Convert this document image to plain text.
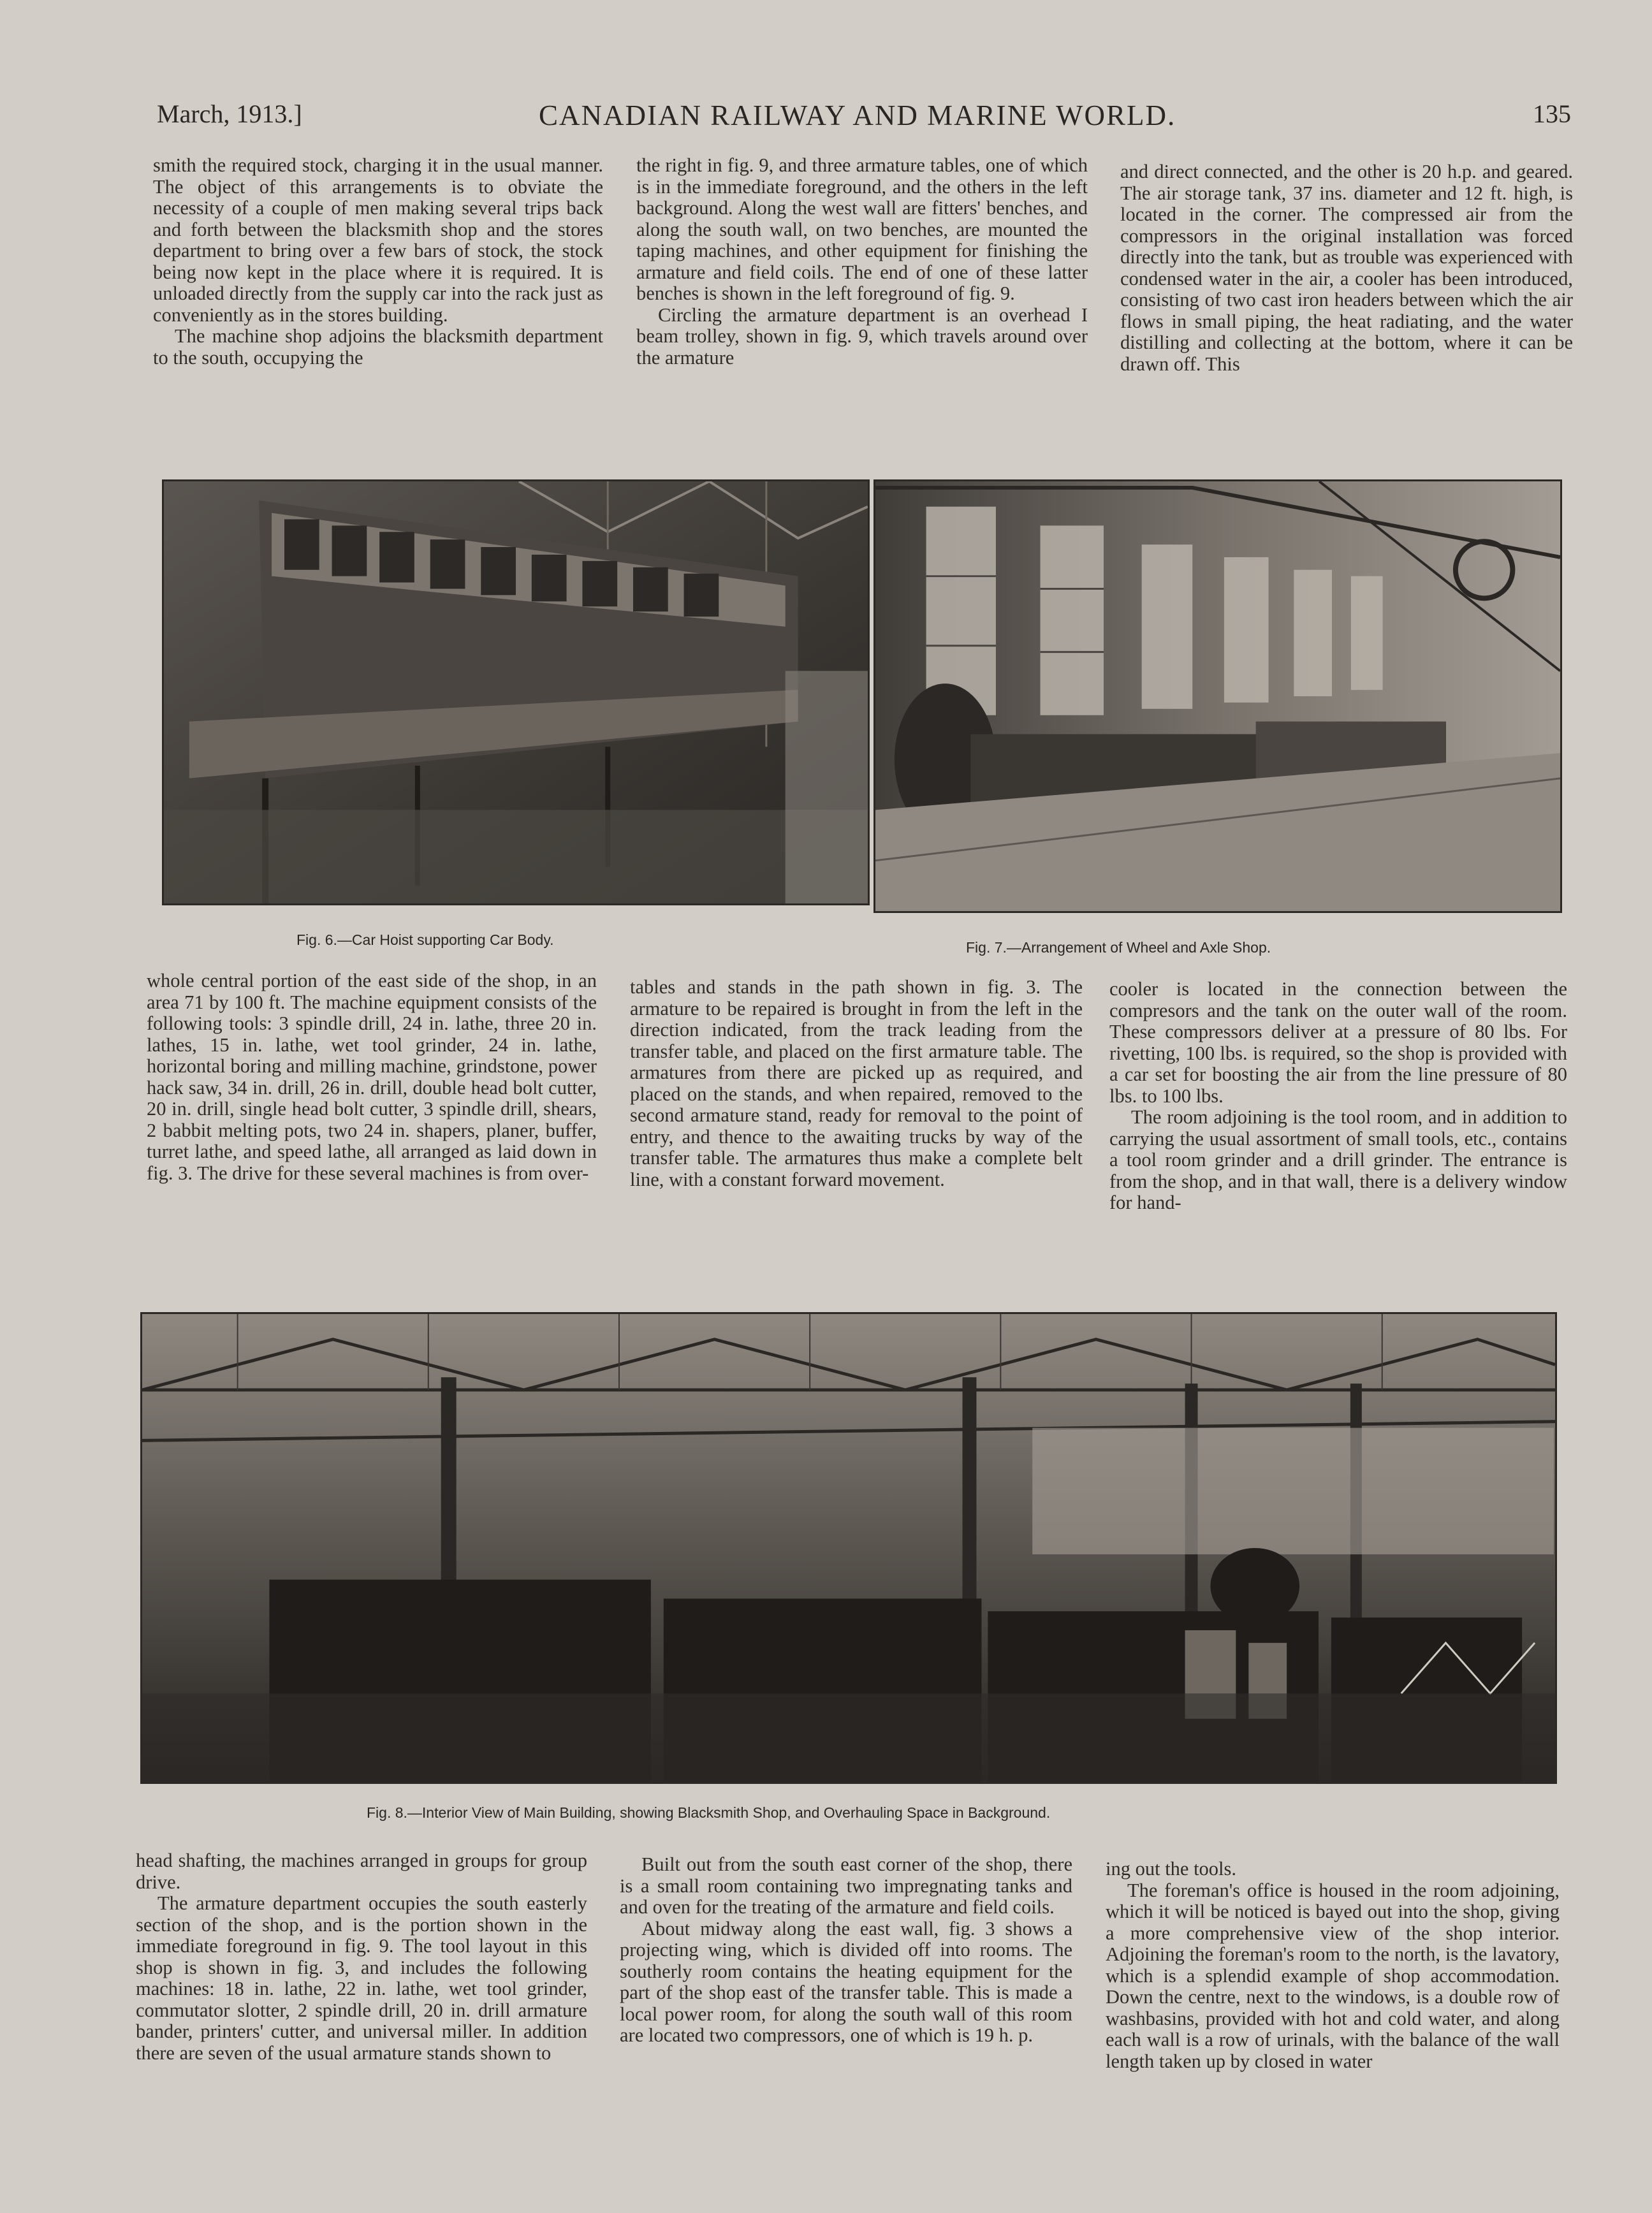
March, 1913.]	CANADIAN RAILWAY AND MARINE WORLD.	135

smith the required stock, charging it in the usual manner. The object of this arrangements is to obviate the necessity of a couple of men making several trips back and forth between the blacksmith shop and the stores department to bring over a few bars of stock, the stock being now kept in the place where it is required. It is unloaded directly from the supply car into the rack just as conveniently as in the stores building.

The machine shop adjoins the blacksmith department to the south, occupying the

the right in fig. 9, and three armature tables, one of which is in the immediate foreground, and the others in the left background. Along the west wall are fitters' benches, and along the south wall, on two benches, are mounted the taping machines, and other equipment for finishing the armature and field coils. The end of one of these latter benches is shown in the left foreground of fig. 9.

Circling the armature department is an overhead I beam trolley, shown in fig. 9, which travels around over the armature

and direct connected, and the other is 20 h.p. and geared. The air storage tank, 37 ins. diameter and 12 ft. high, is located in the corner. The compressed air from the compressors in the original installation was forced directly into the tank, but as trouble was experienced with condensed water in the air, a cooler has been introduced, consisting of two cast iron headers between which the air flows in small piping, the heat radiating, and the water distilling and collecting at the bottom, where it can be drawn off. This

Fig. 6.—Car Hoist supporting Car Body.	Fig. 7.—Arrangement of Wheel and Axle Shop.

whole central portion of the east side of the shop, in an area 71 by 100 ft. The machine equipment consists of the following tools: 3 spindle drill, 24 in. lathe, three 20 in. lathes, 15 in. lathe, wet tool grinder, 24 in. lathe, horizontal boring and milling machine, grindstone, power hack saw, 34 in. drill, 26 in. drill, double head bolt cutter, 20 in. drill, single head bolt cutter, 3 spindle drill, shears, 2 babbit melting pots, two 24 in. shapers, planer, buffer, turret lathe, and speed lathe, all arranged as laid down in fig. 3. The drive for these several machines is from over-

tables and stands in the path shown in fig. 3. The armature to be repaired is brought in from the left in the direction indicated, from the track leading from the transfer table, and placed on the first armature table. The armatures from there are picked up as required, and placed on the stands, and when repaired, removed to the second armature stand, ready for removal to the point of entry, and thence to the awaiting trucks by way of the transfer table. The armatures thus make a complete belt line, with a constant forward movement.

cooler is located in the connection between the compresors and the tank on the outer wall of the room. These compressors deliver at a pressure of 80 lbs. For rivetting, 100 lbs. is required, so the shop is provided with a car set for boosting the air from the line pressure of 80 lbs. to 100 lbs.

The room adjoining is the tool room, and in addition to carrying the usual assortment of small tools, etc., contains a tool room grinder and a drill grinder. The entrance is from the shop, and in that wall, there is a delivery window for hand-

Fig. 8.—Interior View of Main Building, showing Blacksmith Shop, and Overhauling Space in Background.

head shafting, the machines arranged in groups for group drive.

The armature department occupies the south easterly section of the shop, and is the portion shown in the immediate foreground in fig. 9. The tool layout in this shop is shown in fig. 3, and includes the following machines: 18 in. lathe, 22 in. lathe, wet tool grinder, commutator slotter, 2 spindle drill, 20 in. drill armature bander, printers' cutter, and universal miller. In addition there are seven of the usual armature stands shown to

Built out from the south east corner of the shop, there is a small room containing two impregnating tanks and and oven for the treating of the armature and field coils.

About midway along the east wall, fig. 3 shows a projecting wing, which is divided off into rooms. The southerly room contains the heating equipment for the part of the shop east of the transfer table. This is made a local power room, for along the south wall of this room are located two compressors, one of which is 19 h. p.

ing out the tools.

The foreman's office is housed in the room adjoining, which it will be noticed is bayed out into the shop, giving a more comprehensive view of the shop interior. Adjoining the foreman's room to the north, is the lavatory, which is a splendid example of shop accommodation. Down the centre, next to the windows, is a double row of washbasins, provided with hot and cold water, and along each wall is a row of urinals, with the balance of the wall length taken up by closed in water
